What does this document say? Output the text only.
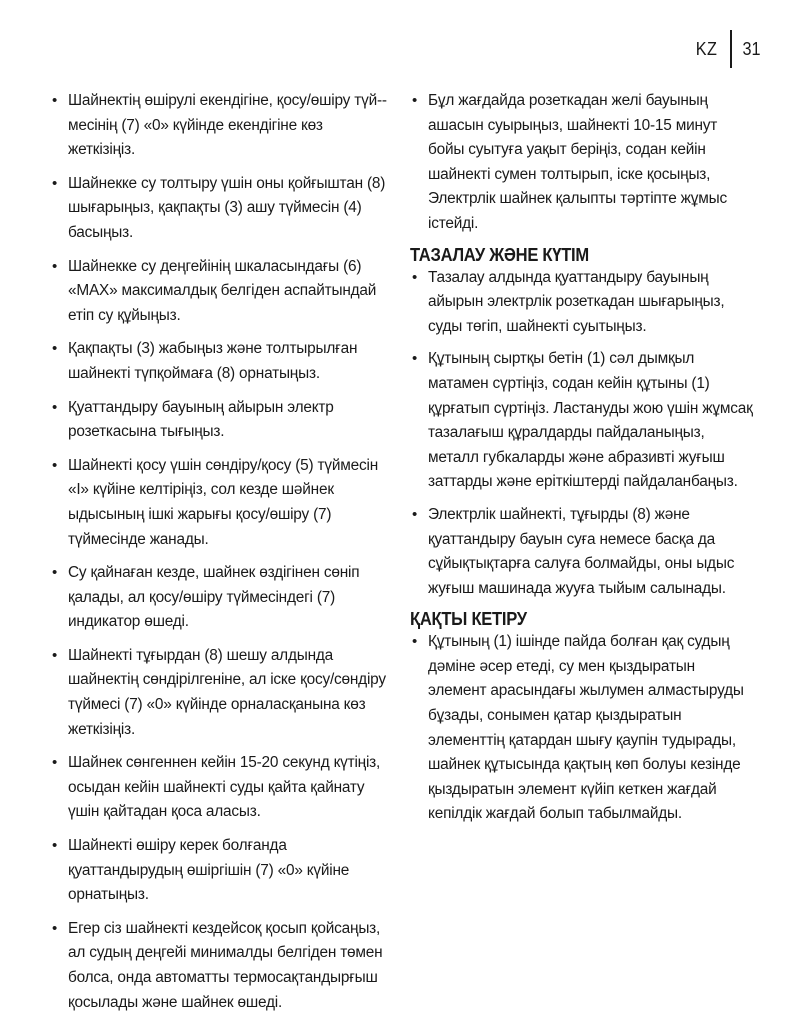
KZ	31
• Шайнектің өшірулі екендігіне, қосу/өшіру түй-месінің (7) «0» күйінде екендігіне көз жеткізіңіз.
• Шайнекке су толтыру үшін оны қойғыштан (8) шығарыңыз, қақпақты (3) ашу түймесін (4) басыңыз.
• Шайнекке су деңгейінің шкаласындағы (6) «MAX» максималдық белгіден аспайтындай етіп су құйыңыз.
• Қақпақты (3) жабыңыз және толтырылған шайнекті түпқоймаға (8) орнатыңыз.
• Қуаттандыру бауының айырын электр розеткасына тығыңыз.
• Шайнекті қосу үшін сөндіру/қосу (5) түймесін «I» күйіне келтіріңіз, сол кезде шәйнек ыдысының ішкі жарығы қосу/өшіру (7) түймесінде жанады.
• Су қайнаған кезде, шайнек өздігінен сөніп қалады, ал қосу/өшіру түймесіндегі (7) индикатор өшеді.
• Шайнекті тұғырдан (8) шешу алдында шайнектің сөндірілгеніне, ал іске қосу/сөндіру түймесі (7) «0» күйінде орналасқанына көз жеткізіңіз.
• Шайнек сөнгеннен кейін 15-20 секунд күтіңіз, осыдан кейін шайнекті суды қайта қайнату үшін қайтадан қоса аласыз.
• Шайнекті өшіру керек болғанда қуаттандырудың өшіргішін (7) «0» күйіне орнатыңыз.
• Егер сіз шайнекті кездейсоқ қосып қойсаңыз, ал судың деңгейі минималды белгіден төмен болса, онда автоматты термосақтандырғыш қосылады және шайнек өшеді.
• Бұл жағдайда розеткадан желі бауының ашасын суырыңыз, шайнекті 10-15 минут бойы суытуға уақыт беріңіз, содан кейін шайнекті сумен толтырып, іске қосыңыз, Электрлік шайнек қалыпты тәртіпте жұмыс істейді.
ТАЗАЛАУ ЖӘНЕ КҮТІМ
• Тазалау алдында қуаттандыру бауының айырын электрлік розеткадан шығарыңыз, суды төгіп, шайнекті суытыңыз.
• Құтының сыртқы бетін (1) сәл дымқыл матамен сүртіңіз, содан кейін құтыны (1) құрғатып сүртіңіз. Ластануды жою үшін жұмсақ тазалағыш құралдарды пайдаланыңыз, металл губкаларды және абразивті жуғыш заттарды және еріткіштерді пайдаланбаңыз.
• Электрлік шайнекті, тұғырды (8) және қуаттандыру бауын суға немесе басқа да сұйықтықтарға салуға болмайды, оны ыдыс жуғыш машинада жууға тыйым салынады.
ҚАҚТЫ КЕТІРУ
• Құтының (1) ішінде пайда болған қақ судың дәміне әсер етеді, су мен қыздыратын элемент арасындағы жылумен алмастыруды бұзады, сонымен қатар қыздыратын элементтің қатардан шығу қаупін тудырады, шайнек құтысында қақтың көп болуы кезінде қыздыратын элемент күйіп кеткен жағдай кепілдік жағдай болып табылмайды.
